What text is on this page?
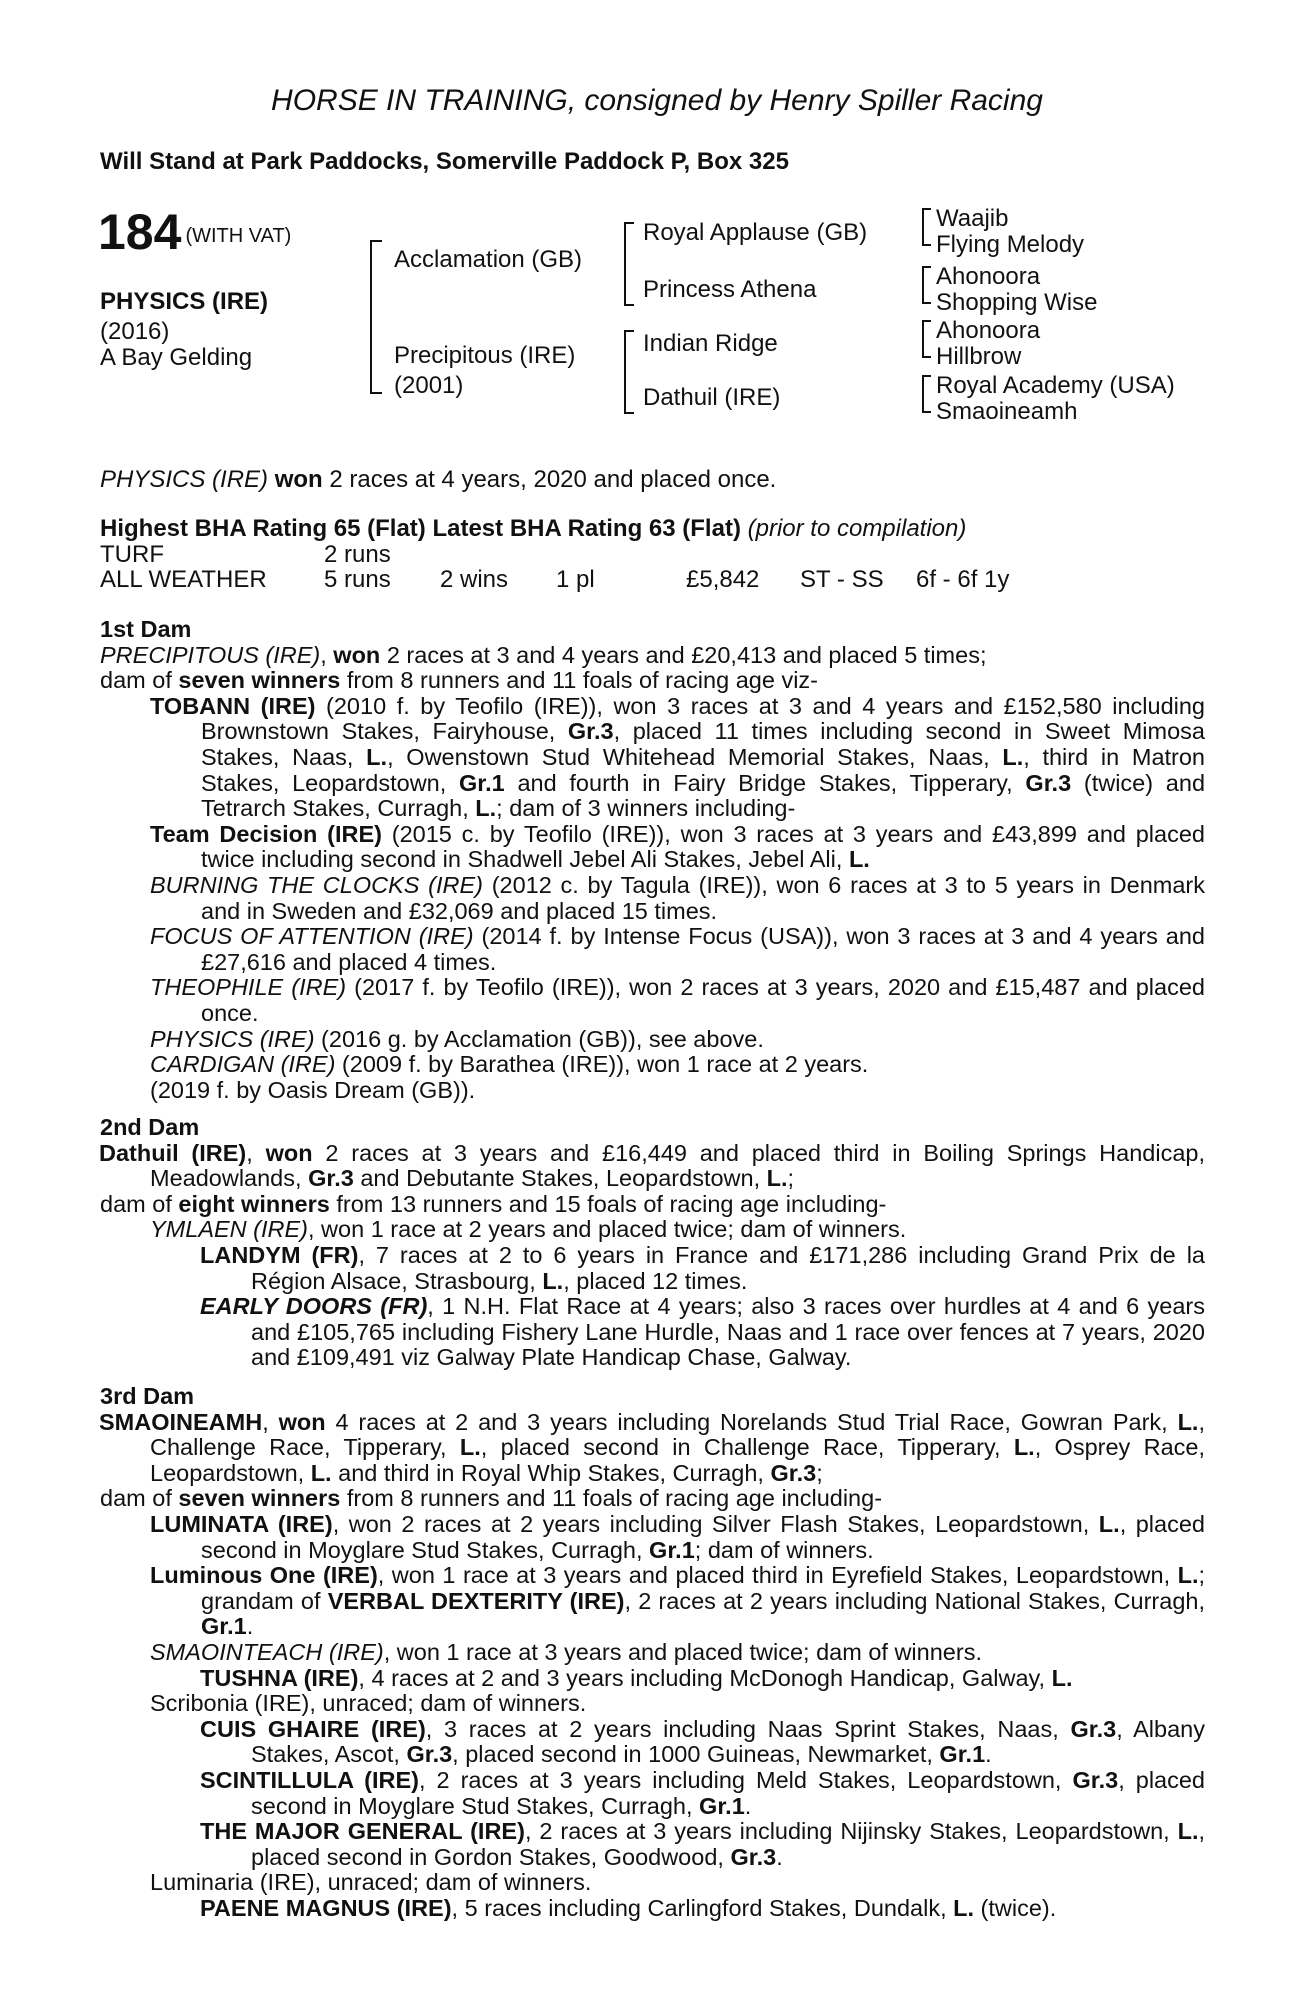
HORSE IN TRAINING, consigned by Henry Spiller Racing
Will Stand at Park Paddocks, Somerville Paddock P, Box 325
184 (WITH VAT)
PHYSICS (IRE)
(2016)
A Bay Gelding
Acclamation (GB)
Precipitous (IRE)
(2001)
Royal Applause (GB)
Princess Athena
Indian Ridge
Dathuil (IRE)
Waajib
Flying Melody
Ahonoora
Shopping Wise
Ahonoora
Hillbrow
Royal Academy (USA)
Smaoineamh
PHYSICS (IRE) won 2 races at 4 years, 2020 and placed once.
Highest BHA Rating 65 (Flat) Latest BHA Rating 63 (Flat) (prior to compilation)
TURF	2 runs
ALL WEATHER 5 runs 2 wins 1 pl	£5,842 ST - SS 6f - 6f 1y

1st Dam

PRECIPITOUS (IRE), won 2 races at 3 and 4 years and £20,413 and placed 5 times;

dam of seven winners from 8 runners and 11 foals of racing age viz-

TOBANN (IRE) (2010 f. by Teofilo (IRE)), won 3 races at 3 and 4 years and £152,580 including Brownstown Stakes, Fairyhouse, Gr.3, placed 11 times including second in Sweet Mimosa Stakes, Naas, L., Owenstown Stud Whitehead Memorial Stakes, Naas, L., third in Matron Stakes, Leopardstown, Gr.1 and fourth in Fairy Bridge Stakes, Tipperary, Gr.3 (twice) and Tetrarch Stakes, Curragh, L.; dam of 3 winners including-

Team Decision (IRE) (2015 c. by Teofilo (IRE)), won 3 races at 3 years and £43,899 and placed twice including second in Shadwell Jebel Ali Stakes, Jebel Ali, L.

BURNING THE CLOCKS (IRE) (2012 c. by Tagula (IRE)), won 6 races at 3 to 5 years in Denmark and in Sweden and £32,069 and placed 15 times.

FOCUS OF ATTENTION (IRE) (2014 f. by Intense Focus (USA)), won 3 races at 3 and 4 years and £27,616 and placed 4 times.

THEOPHILE (IRE) (2017 f. by Teofilo (IRE)), won 2 races at 3 years, 2020 and £15,487 and placed once.

PHYSICS (IRE) (2016 g. by Acclamation (GB)), see above.

CARDIGAN (IRE) (2009 f. by Barathea (IRE)), won 1 race at 2 years.

(2019 f. by Oasis Dream (GB)).

2nd Dam

Dathuil (IRE), won 2 races at 3 years and £16,449 and placed third in Boiling Springs Handicap, Meadowlands, Gr.3 and Debutante Stakes, Leopardstown, L.;

dam of eight winners from 13 runners and 15 foals of racing age including-

YMLAEN (IRE), won 1 race at 2 years and placed twice; dam of winners.

LANDYM (FR), 7 races at 2 to 6 years in France and £171,286 including Grand Prix de la Région Alsace, Strasbourg, L., placed 12 times.

EARLY DOORS (FR), 1 N.H. Flat Race at 4 years; also 3 races over hurdles at 4 and 6 years and £105,765 including Fishery Lane Hurdle, Naas and 1 race over fences at 7 years, 2020 and £109,491 viz Galway Plate Handicap Chase, Galway.

3rd Dam

SMAOINEAMH, won 4 races at 2 and 3 years including Norelands Stud Trial Race, Gowran Park, L., Challenge Race, Tipperary, L., placed second in Challenge Race, Tipperary, L., Osprey Race, Leopardstown, L. and third in Royal Whip Stakes, Curragh, Gr.3;

dam of seven winners from 8 runners and 11 foals of racing age including-

LUMINATA (IRE), won 2 races at 2 years including Silver Flash Stakes, Leopardstown, L., placed second in Moyglare Stud Stakes, Curragh, Gr.1; dam of winners.

Luminous One (IRE), won 1 race at 3 years and placed third in Eyrefield Stakes, Leopardstown, L.; grandam of VERBAL DEXTERITY (IRE), 2 races at 2 years including National Stakes, Curragh, Gr.1.

SMAOINTEACH (IRE), won 1 race at 3 years and placed twice; dam of winners.

TUSHNA (IRE), 4 races at 2 and 3 years including McDonogh Handicap, Galway, L.

Scribonia (IRE), unraced; dam of winners.

CUIS GHAIRE (IRE), 3 races at 2 years including Naas Sprint Stakes, Naas, Gr.3, Albany Stakes, Ascot, Gr.3, placed second in 1000 Guineas, Newmarket, Gr.1.

SCINTILLULA (IRE), 2 races at 3 years including Meld Stakes, Leopardstown, Gr.3, placed second in Moyglare Stud Stakes, Curragh, Gr.1.

THE MAJOR GENERAL (IRE), 2 races at 3 years including Nijinsky Stakes, Leopardstown, L., placed second in Gordon Stakes, Goodwood, Gr.3.

Luminaria (IRE), unraced; dam of winners.

PAENE MAGNUS (IRE), 5 races including Carlingford Stakes, Dundalk, L. (twice).
